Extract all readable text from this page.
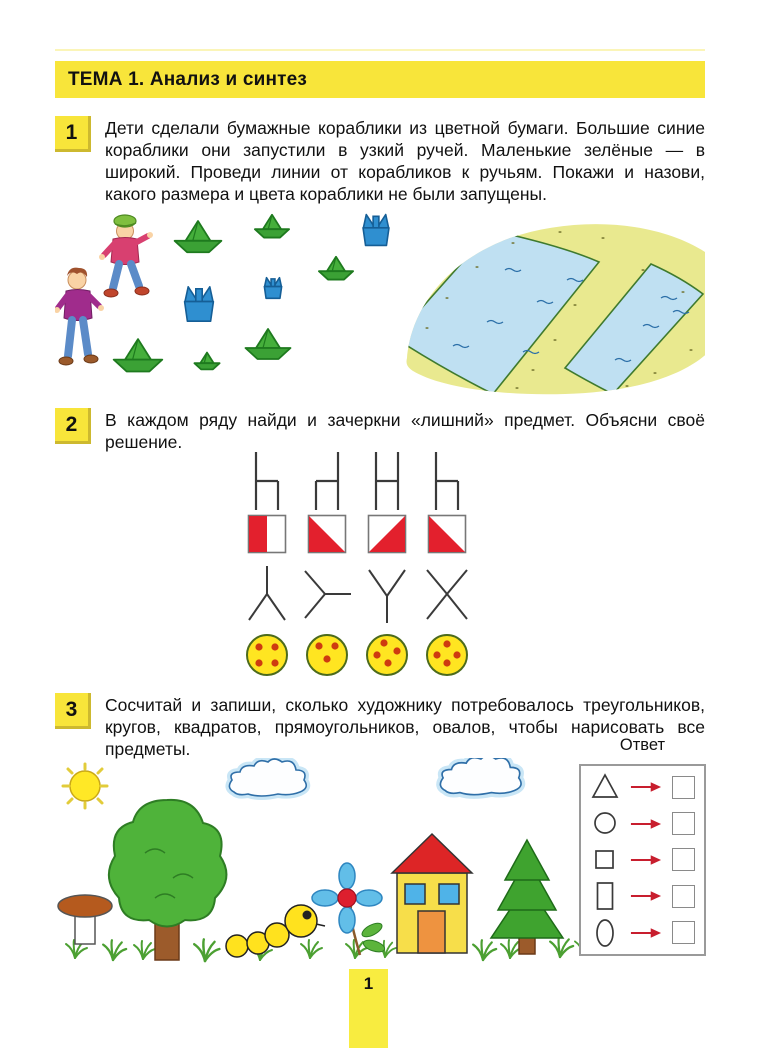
ТЕМА 1. Анализ и синтез
1 Дети сделали бумажные кораблики из цветной бумаги. Большие синие кораблики они запустили в узкий ручей. Маленькие зелёные — в широкий. Проведи линии от корабликов к ручьям. Покажи и назови, какого размера и цвета кораблики не были запущены.
2 В каждом ряду найди и зачеркни «лишний» предмет. Объясни своё решение.
3 Сосчитай и запиши, сколько художнику потребовалось треугольников, кругов, квадратов, прямоугольников, овалов, чтобы нарисовать все предметы.	Ответ
1
